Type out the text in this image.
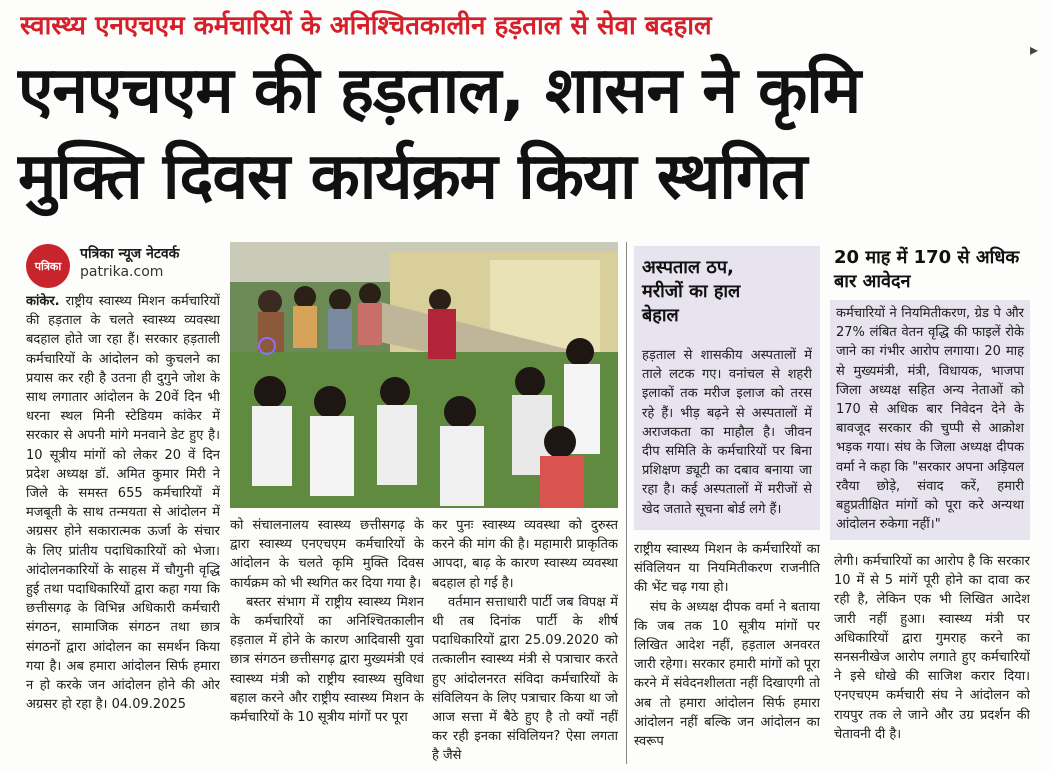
स्वास्थ्य एनएचएम कर्मचारियों के अनिश्चितकालीन हड़ताल से सेवा बदहाल
▸
एनएचएम की हड़ताल, शासन ने कृमि
मुक्ति दिवस कार्यक्रम किया स्थगित
पत्रिका
पत्रिका न्यूज नेटवर्क
patrika.com

कांकेर. राष्ट्रीय स्वास्थ्य मिशन कर्मचारियों की हड़ताल के चलते स्वास्थ्य व्यवस्था बदहाल होते जा रहा हैं। सरकार हड़ताली कर्मचारियों के आंदोलन को कुचलने का प्रयास कर रही है उतना ही दुगुने जोश के साथ लगातार आंदोलन के 20वें दिन भी धरना स्थल मिनी स्टेडियम कांकेर में सरकार से अपनी मांगे मनवाने डेट हुए है। 10 सूत्रीय मांगों को लेकर 20 वें दिन प्रदेश अध्यक्ष डॉ. अमित कुमार मिरी ने जिले के समस्त 655 कर्मचारियों में मजबूती के साथ तन्मयता से आंदोलन में अग्रसर होने सकारात्मक ऊर्जा के संचार के लिए प्रांतीय पदाधिकारियों को भेजा। आंदोलनकारियों के साहस में चौगुनी वृद्धि हुई तथा पदाधिकारियों द्वारा कहा गया कि छत्तीसगढ़ के विभिन्न अधिकारी कर्मचारी संगठन, सामाजिक संगठन तथा छात्र संगठनों द्वारा आंदोलन का समर्थन किया गया है। अब हमारा आंदोलन सिर्फ हमारा न हो करके जन आंदोलन होने की ओर अग्रसर हो रहा है। 04.09.2025

को संचालनालय स्वास्थ्य छत्तीसगढ़ के द्वारा स्वास्थ्य एनएचएम कर्मचारियों के आंदोलन के चलते कृमि मुक्ति दिवस कार्यक्रम को भी स्थगित कर दिया गया है।

बस्तर संभाग में राष्ट्रीय स्वास्थ्य मिशन के कर्मचारियों का अनिश्चितकालीन हड़ताल में होने के कारण आदिवासी युवा छात्र संगठन छत्तीसगढ़ द्वारा मुख्यमंत्री एवं स्वास्थ्य मंत्री को राष्ट्रीय स्वास्थ्य सुविधा बहाल करने और राष्ट्रीय स्वास्थ्य मिशन के कर्मचारियों के 10 सूत्रीय मांगों पर पूरा

कर पुनः स्वास्थ्य व्यवस्था को दुरुस्त करने की मांग की है। महामारी प्राकृतिक आपदा, बाढ़ के कारण स्वास्थ्य व्यवस्था बदहाल हो गई है।

वर्तमान सत्ताधारी पार्टी जब विपक्ष में थी तब दिनांक पार्टी के शीर्ष पदाधिकारियों द्वारा 25.09.2020 को तत्कालीन स्वास्थ्य मंत्री से पत्राचार करते हुए आंदोलनरत संविदा कर्मचारियों के संविलियन के लिए पत्राचार किया था जो आज सत्ता में बैठे हुए है तो क्यों नहीं कर रही इनका संविलियन? ऐसा लगता है जैसे

अस्पताल ठप, मरीजों का हाल बेहाल
हड़ताल से शासकीय अस्पतालों में ताले लटक गए। वनांचल से शहरी इलाकों तक मरीज इलाज को तरस रहे हैं। भीड़ बढ़ने से अस्पतालों में अराजकता का माहौल है। जीवन दीप समिति के कर्मचारियों पर बिना प्रशिक्षण ड्यूटी का दबाव बनाया जा रहा है। कई अस्पतालों में मरीजों से खेद जताते सूचना बोर्ड लगे हैं।

राष्ट्रीय स्वास्थ्य मिशन के कर्मचारियों का संविलियन या नियमितीकरण राजनीति की भेंट चढ़ गया हो।

संघ के अध्यक्ष दीपक वर्मा ने बताया कि जब तक 10 सूत्रीय मांगों पर लिखित आदेश नहीं, हड़ताल अनवरत जारी रहेगा। सरकार हमारी मांगों को पूरा करने में संवेदनशीलता नहीं दिखाएगी तो अब तो हमारा आंदोलन सिर्फ हमारा आंदोलन नहीं बल्कि जन आंदोलन का स्वरूप

20 माह में 170 से अधिक बार आवेदन
कर्मचारियों ने नियमितीकरण, ग्रेड पे और 27% लंबित वेतन वृद्धि की फाइलें रोके जाने का गंभीर आरोप लगाया। 20 माह से मुख्यमंत्री, मंत्री, विधायक, भाजपा जिला अध्यक्ष सहित अन्य नेताओं को 170 से अधिक बार निवेदन देने के बावजूद सरकार की चुप्पी से आक्रोश भड़क गया। संघ के जिला अध्यक्ष दीपक वर्मा ने कहा कि "सरकार अपना अड़ियल रवैया छोड़े, संवाद करें, हमारी बहुप्रतीक्षित मांगों को पूरा करे अन्यथा आंदोलन रुकेगा नहीं।"

लेगी। कर्मचारियों का आरोप है कि सरकार 10 में से 5 मांगें पूरी होने का दावा कर रही है, लेकिन एक भी लिखित आदेश जारी नहीं हुआ। स्वास्थ्य मंत्री पर अधिकारियों द्वारा गुमराह करने का सनसनीखेज आरोप लगाते हुए कर्मचारियों ने इसे धोखे की साजिश करार दिया। एनएचएम कर्मचारी संघ ने आंदोलन को रायपुर तक ले जाने और उग्र प्रदर्शन की चेतावनी दी है।
